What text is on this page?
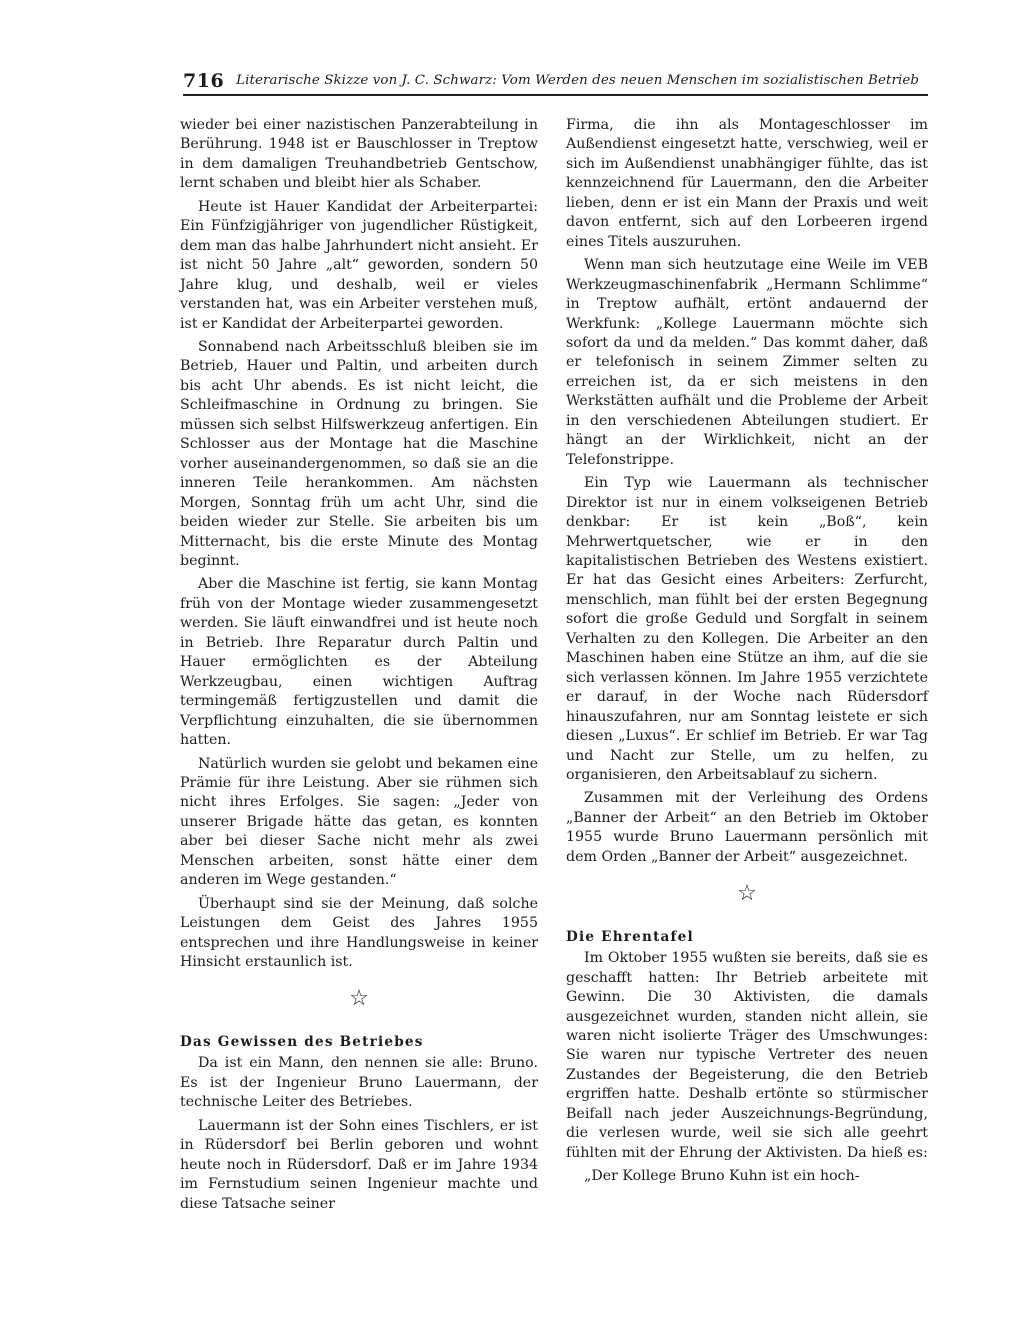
716 Literarische Skizze von J. C. Schwarz: Vom Werden des neuen Menschen im sozialistischen Betrieb

wieder bei einer nazistischen Panzerabteilung in Berührung. 1948 ist er Bauschlosser in Treptow in dem damaligen Treuhandbetrieb Gentschow, lernt schaben und bleibt hier als Schaber.

Heute ist Hauer Kandidat der Arbeiterpartei: Ein Fünfzigjähriger von jugendlicher Rüstigkeit, dem man das halbe Jahrhundert nicht ansieht. Er ist nicht 50 Jahre „alt“ geworden, sondern 50 Jahre klug, und deshalb, weil er vieles verstanden hat, was ein Arbeiter verstehen muß, ist er Kandidat der Arbeiterpartei geworden.

Sonnabend nach Arbeitsschluß bleiben sie im Betrieb, Hauer und Paltin, und arbeiten durch bis acht Uhr abends. Es ist nicht leicht, die Schleifmaschine in Ordnung zu bringen. Sie müssen sich selbst Hilfswerkzeug anfertigen. Ein Schlosser aus der Montage hat die Maschine vorher auseinandergenommen, so daß sie an die inneren Teile herankommen. Am nächsten Morgen, Sonntag früh um acht Uhr, sind die beiden wieder zur Stelle. Sie arbeiten bis um Mitternacht, bis die erste Minute des Montag beginnt.

Aber die Maschine ist fertig, sie kann Montag früh von der Montage wieder zusammengesetzt werden. Sie läuft einwandfrei und ist heute noch in Betrieb. Ihre Reparatur durch Paltin und Hauer ermöglichten es der Abteilung Werkzeugbau, einen wichtigen Auftrag termingemäß fertigzustellen und damit die Verpflichtung einzuhalten, die sie übernommen hatten.

Natürlich wurden sie gelobt und bekamen eine Prämie für ihre Leistung. Aber sie rühmen sich nicht ihres Erfolges. Sie sagen: „Jeder von unserer Brigade hätte das getan, es konnten aber bei dieser Sache nicht mehr als zwei Menschen arbeiten, sonst hätte einer dem anderen im Wege gestanden.“

Überhaupt sind sie der Meinung, daß solche Leistungen dem Geist des Jahres 1955 entsprechen und ihre Handlungsweise in keiner Hinsicht erstaunlich ist.

☆
Das Gewissen des Betriebes

Da ist ein Mann, den nennen sie alle: Bruno. Es ist der Ingenieur Bruno Lauermann, der technische Leiter des Betriebes.

Lauermann ist der Sohn eines Tischlers, er ist in Rüdersdorf bei Berlin geboren und wohnt heute noch in Rüdersdorf. Daß er im Jahre 1934 im Fernstudium seinen Ingenieur machte und diese Tatsache seiner

Firma, die ihn als Montageschlosser im Außendienst eingesetzt hatte, verschwieg, weil er sich im Außendienst unabhängiger fühlte, das ist kennzeichnend für Lauermann, den die Arbeiter lieben, denn er ist ein Mann der Praxis und weit davon entfernt, sich auf den Lorbeeren irgend eines Titels auszuruhen.

Wenn man sich heutzutage eine Weile im VEB Werkzeugmaschinenfabrik „Hermann Schlimme“ in Treptow aufhält, ertönt andauernd der Werkfunk: „Kollege Lauermann möchte sich sofort da und da melden.“ Das kommt daher, daß er telefonisch in seinem Zimmer selten zu erreichen ist, da er sich meistens in den Werkstätten aufhält und die Probleme der Arbeit in den verschiedenen Abteilungen studiert. Er hängt an der Wirklichkeit, nicht an der Telefonstrippe.

Ein Typ wie Lauermann als technischer Direktor ist nur in einem volkseigenen Betrieb denkbar: Er ist kein „Boß“, kein Mehrwertquetscher, wie er in den kapitalistischen Betrieben des Westens existiert. Er hat das Gesicht eines Arbeiters: Zerfurcht, menschlich, man fühlt bei der ersten Begegnung sofort die große Geduld und Sorgfalt in seinem Verhalten zu den Kollegen. Die Arbeiter an den Maschinen haben eine Stütze an ihm, auf die sie sich verlassen können. Im Jahre 1955 verzichtete er darauf, in der Woche nach Rüdersdorf hinauszufahren, nur am Sonntag leistete er sich diesen „Luxus“. Er schlief im Betrieb. Er war Tag und Nacht zur Stelle, um zu helfen, zu organisieren, den Arbeitsablauf zu sichern.

Zusammen mit der Verleihung des Ordens „Banner der Arbeit“ an den Betrieb im Oktober 1955 wurde Bruno Lauermann persönlich mit dem Orden „Banner der Arbeit“ ausgezeichnet.

☆
Die Ehrentafel

Im Oktober 1955 wußten sie bereits, daß sie es geschafft hatten: Ihr Betrieb arbeitete mit Gewinn. Die 30 Aktivisten, die damals ausgezeichnet wurden, standen nicht allein, sie waren nicht isolierte Träger des Umschwunges: Sie waren nur typische Vertreter des neuen Zustandes der Begeisterung, die den Betrieb ergriffen hatte. Deshalb ertönte so stürmischer Beifall nach jeder Auszeichnungs-Begründung, die verlesen wurde, weil sie sich alle geehrt fühlten mit der Ehrung der Aktivisten. Da hieß es:

„Der Kollege Bruno Kuhn ist ein hoch-
